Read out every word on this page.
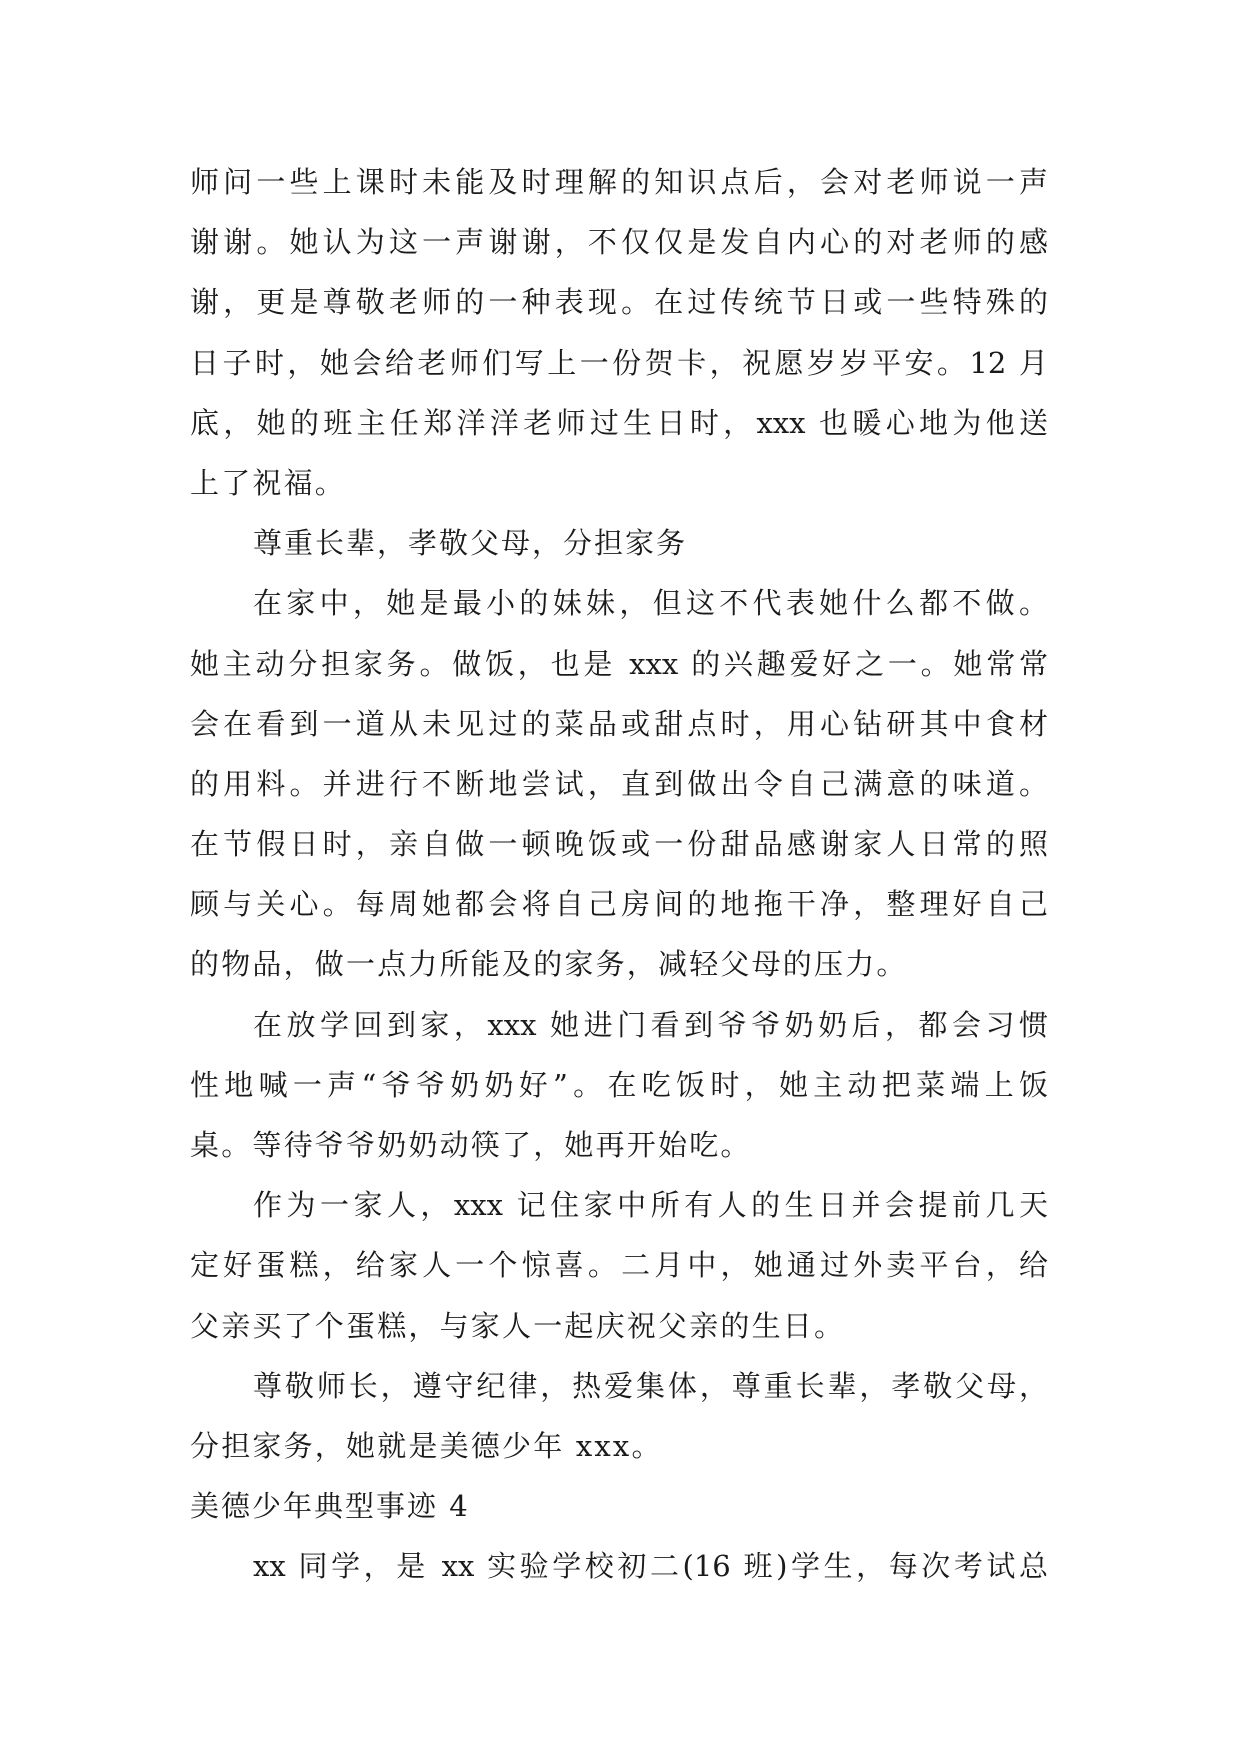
师问一些上课时未能及时理解的知识点后，会对老师说一声
谢谢。她认为这一声谢谢，不仅仅是发自内心的对老师的感
谢，更是尊敬老师的一种表现。在过传统节日或一些特殊的
日子时，她会给老师们写上一份贺卡，祝愿岁岁平安。12 月
底，她的班主任郑洋洋老师过生日时，xxx 也暖心地为他送
上了祝福。
尊重长辈，孝敬父母，分担家务
在家中，她是最小的妹妹，但这不代表她什么都不做。
她主动分担家务。做饭，也是 xxx 的兴趣爱好之一。她常常
会在看到一道从未见过的菜品或甜点时，用心钻研其中食材
的用料。并进行不断地尝试，直到做出令自己满意的味道。
在节假日时，亲自做一顿晚饭或一份甜品感谢家人日常的照
顾与关心。每周她都会将自己房间的地拖干净，整理好自己
的物品，做一点力所能及的家务，减轻父母的压力。
在放学回到家，xxx 她进门看到爷爷奶奶后，都会习惯
性地喊一声“爷爷奶奶好”。在吃饭时，她主动把菜端上饭
桌。等待爷爷奶奶动筷了，她再开始吃。
作为一家人，xxx 记住家中所有人的生日并会提前几天
定好蛋糕，给家人一个惊喜。二月中，她通过外卖平台，给
父亲买了个蛋糕，与家人一起庆祝父亲的生日。
尊敬师长，遵守纪律，热爱集体，尊重长辈，孝敬父母，
分担家务，她就是美德少年 xxx。
美德少年典型事迹 4
xx 同学，是 xx 实验学校初二(16 班)学生，每次考试总
